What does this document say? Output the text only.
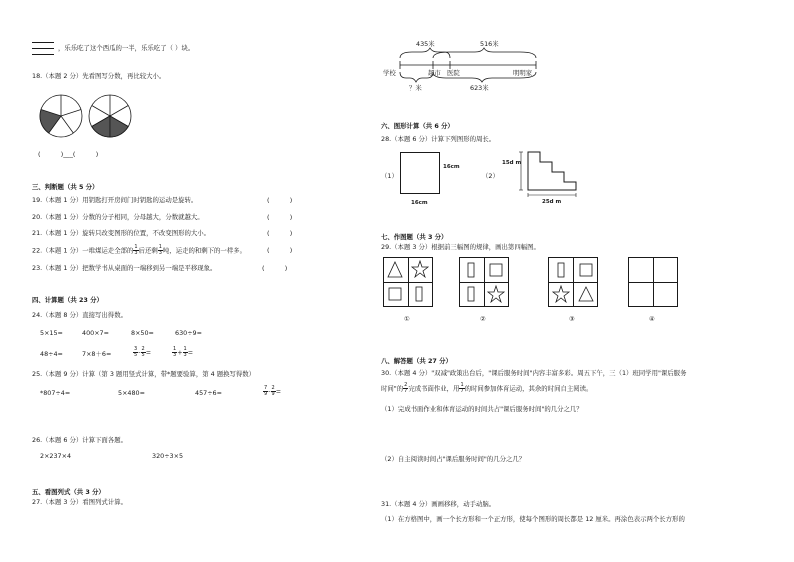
，乐乐吃了这个西瓜的一半，乐乐吃了（ ）块。
18.（本题 2 分）先看图写分数，再比较大小。
(          )___(          )
三、判断题（共 5 分）
19.（本题 1 分）用钥匙打开房间门时钥匙的运动是旋转。	(          )
20.（本题 1 分）分数的分子相同，分母越大，分数就越大。	(          )
21.（本题 1 分）旋转只改变图形的位置，不改变图形的大小。	(          )
22.（本题 1 分）一堆煤运走全部的 $\frac{1}{3}$ 后还剩 $\frac{1}{3}$ 吨，运走的和剩下的一样多。	(          )
23.（本题 1 分）把数学书从桌面的一端移到另一端是平移现象。	(          )
四、计算题（共 23 分）
24.（本题 8 分）直接写出得数。
5×15=	400×7=	8×50=	630÷9=
48÷4=	7×8＋6=	$\frac{3}{5} - \frac{2}{5}$ =	$\frac{1}{3} + \frac{1}{3}$ =
25.（本题 9 分）计算（第 3 题用竖式计算，带*题要验算，第 4 题换写得数）
*807÷4=	5×480=	457÷6=	$\frac{7}{9} - \frac{2}{9}$ =
26.（本题 6 分）计算下面各题。
2×237×4	320÷3×5
五、看图列式（共 3 分）
27.（本题 3 分）看图列式计算。
435米	516米
学校	超市 医院	明明家
？米	623米
六、图形计算（共 6 分）
28.（本题 6 分）计算下列图形的周长。
（1）
16cm
16cm
（2）
15d m
25d m
七、作图题（共 3 分）
29.（本题 3 分）根据前三幅图的规律，画出第四幅图。
①	②	③	④
八、解答题（共 27 分）
30.（本题 4 分）"双减"政策出台后，"课后服务时间"内容丰富多彩。周五下午，三（1）班同学用"课后服务
时间"的 $\frac{2}{7}$ 完成书面作业，用 $\frac{1}{7}$ 的时间参加体育运动，其余的时间自主阅读。
（1）完成书面作业和体育运动的时间共占"课后服务时间"的几分之几？
（2）自主阅读时间占"课后服务时间"的几分之几？
31.（本题 4 分）画画移移，动手动脑。
（1）在方格图中，画一个长方形和一个正方形，使每个图形的周长都是 12 厘米。再涂色表示两个长方形的
